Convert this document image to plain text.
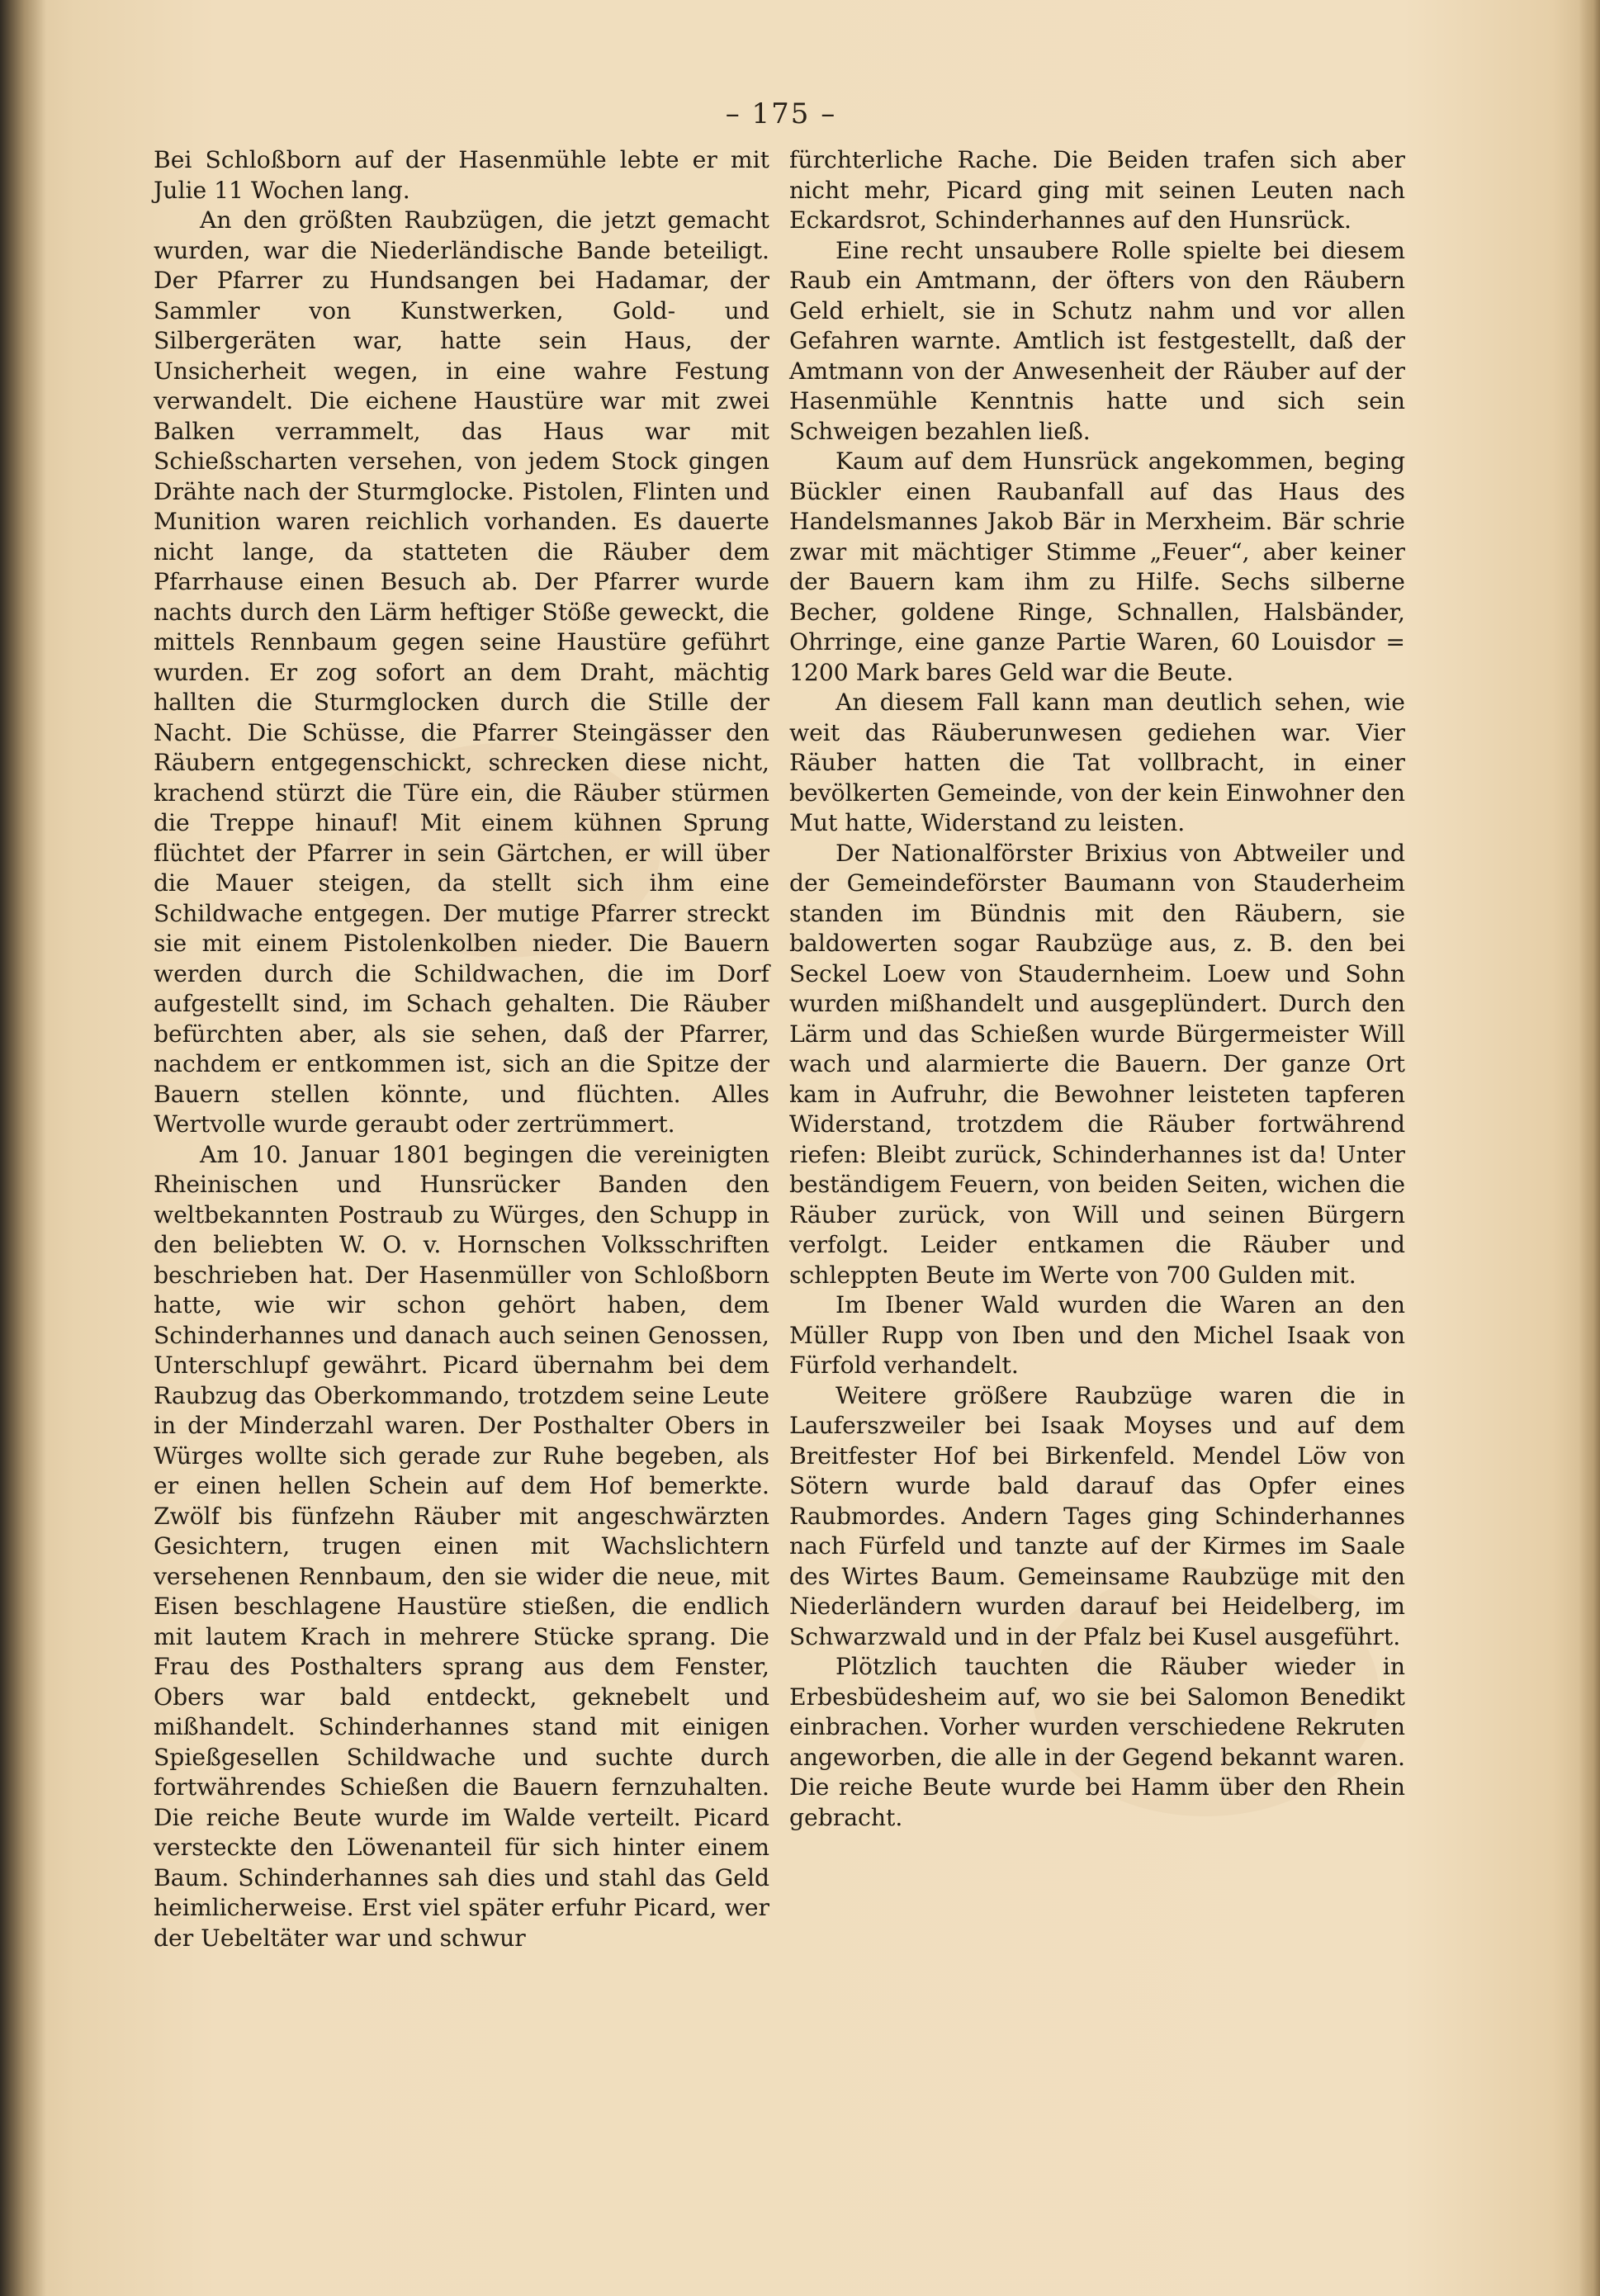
– 175 –

Bei Schloßborn auf der Hasenmühle lebte er mit Julie 11 Wochen lang.

An den größten Raubzügen, die jetzt gemacht wurden, war die Niederländische Bande beteiligt. Der Pfarrer zu Hundsangen bei Hadamar, der Sammler von Kunstwerken, Gold- und Silbergeräten war, hatte sein Haus, der Unsicherheit wegen, in eine wahre Festung verwandelt. Die eichene Haustüre war mit zwei Balken verrammelt, das Haus war mit Schießscharten versehen, von jedem Stock gingen Drähte nach der Sturmglocke. Pistolen, Flinten und Munition waren reichlich vorhanden. Es dauerte nicht lange, da statteten die Räuber dem Pfarrhause einen Besuch ab. Der Pfarrer wurde nachts durch den Lärm heftiger Stöße geweckt, die mittels Rennbaum gegen seine Haustüre geführt wurden. Er zog sofort an dem Draht, mächtig hallten die Sturmglocken durch die Stille der Nacht. Die Schüsse, die Pfarrer Steingässer den Räubern entgegenschickt, schrecken diese nicht, krachend stürzt die Türe ein, die Räuber stürmen die Treppe hinauf! Mit einem kühnen Sprung flüchtet der Pfarrer in sein Gärtchen, er will über die Mauer steigen, da stellt sich ihm eine Schildwache entgegen. Der mutige Pfarrer streckt sie mit einem Pistolenkolben nieder. Die Bauern werden durch die Schildwachen, die im Dorf aufgestellt sind, im Schach gehalten. Die Räuber befürchten aber, als sie sehen, daß der Pfarrer, nachdem er entkommen ist, sich an die Spitze der Bauern stellen könnte, und flüchten. Alles Wertvolle wurde geraubt oder zertrümmert.

Am 10. Januar 1801 begingen die vereinigten Rheinischen und Hunsrücker Banden den weltbekannten Postraub zu Würges, den Schupp in den beliebten W. O. v. Hornschen Volksschriften beschrieben hat. Der Hasenmüller von Schloßborn hatte, wie wir schon gehört haben, dem Schinderhannes und danach auch seinen Genossen, Unterschlupf gewährt. Picard übernahm bei dem Raubzug das Oberkommando, trotzdem seine Leute in der Minderzahl waren. Der Posthalter Obers in Würges wollte sich gerade zur Ruhe begeben, als er einen hellen Schein auf dem Hof bemerkte. Zwölf bis fünfzehn Räuber mit angeschwärzten Gesichtern, trugen einen mit Wachslichtern versehenen Rennbaum, den sie wider die neue, mit Eisen beschlagene Haustüre stießen, die endlich mit lautem Krach in mehrere Stücke sprang. Die Frau des Posthalters sprang aus dem Fenster, Obers war bald entdeckt, geknebelt und mißhandelt. Schinderhannes stand mit einigen Spießgesellen Schildwache und suchte durch fortwährendes Schießen die Bauern fernzuhalten. Die reiche Beute wurde im Walde verteilt. Picard versteckte den Löwenanteil für sich hinter einem Baum. Schinderhannes sah dies und stahl das Geld heimlicherweise. Erst viel später erfuhr Picard, wer der Uebeltäter war und schwur

fürchterliche Rache. Die Beiden trafen sich aber nicht mehr, Picard ging mit seinen Leuten nach Eckardsrot, Schinderhannes auf den Hunsrück.

Eine recht unsaubere Rolle spielte bei diesem Raub ein Amtmann, der öfters von den Räubern Geld erhielt, sie in Schutz nahm und vor allen Gefahren warnte. Amtlich ist festgestellt, daß der Amtmann von der Anwesenheit der Räuber auf der Hasenmühle Kenntnis hatte und sich sein Schweigen bezahlen ließ.

Kaum auf dem Hunsrück angekommen, beging Bückler einen Raubanfall auf das Haus des Handelsmannes Jakob Bär in Merxheim. Bär schrie zwar mit mächtiger Stimme „Feuer“, aber keiner der Bauern kam ihm zu Hilfe. Sechs silberne Becher, goldene Ringe, Schnallen, Halsbänder, Ohrringe, eine ganze Partie Waren, 60 Louisdor = 1200 Mark bares Geld war die Beute.

An diesem Fall kann man deutlich sehen, wie weit das Räuberunwesen gediehen war. Vier Räuber hatten die Tat vollbracht, in einer bevölkerten Gemeinde, von der kein Einwohner den Mut hatte, Widerstand zu leisten.

Der Nationalförster Brixius von Abtweiler und der Gemeindeförster Baumann von Stauderheim standen im Bündnis mit den Räubern, sie baldowerten sogar Raubzüge aus, z. B. den bei Seckel Loew von Staudernheim. Loew und Sohn wurden mißhandelt und ausgeplündert. Durch den Lärm und das Schießen wurde Bürgermeister Will wach und alarmierte die Bauern. Der ganze Ort kam in Aufruhr, die Bewohner leisteten tapferen Widerstand, trotzdem die Räuber fortwährend riefen: Bleibt zurück, Schinderhannes ist da! Unter beständigem Feuern, von beiden Seiten, wichen die Räuber zurück, von Will und seinen Bürgern verfolgt. Leider entkamen die Räuber und schleppten Beute im Werte von 700 Gulden mit.

Im Ibener Wald wurden die Waren an den Müller Rupp von Iben und den Michel Isaak von Fürfold verhandelt.

Weitere größere Raubzüge waren die in Lauferszweiler bei Isaak Moyses und auf dem Breitfester Hof bei Birkenfeld. Mendel Löw von Sötern wurde bald darauf das Opfer eines Raubmordes. Andern Tages ging Schinderhannes nach Fürfeld und tanzte auf der Kirmes im Saale des Wirtes Baum. Gemeinsame Raubzüge mit den Niederländern wurden darauf bei Heidelberg, im Schwarzwald und in der Pfalz bei Kusel ausgeführt.

Plötzlich tauchten die Räuber wieder in Erbesbüdesheim auf, wo sie bei Salomon Benedikt einbrachen. Vorher wurden verschiedene Rekruten angeworben, die alle in der Gegend bekannt waren. Die reiche Beute wurde bei Hamm über den Rhein gebracht.
